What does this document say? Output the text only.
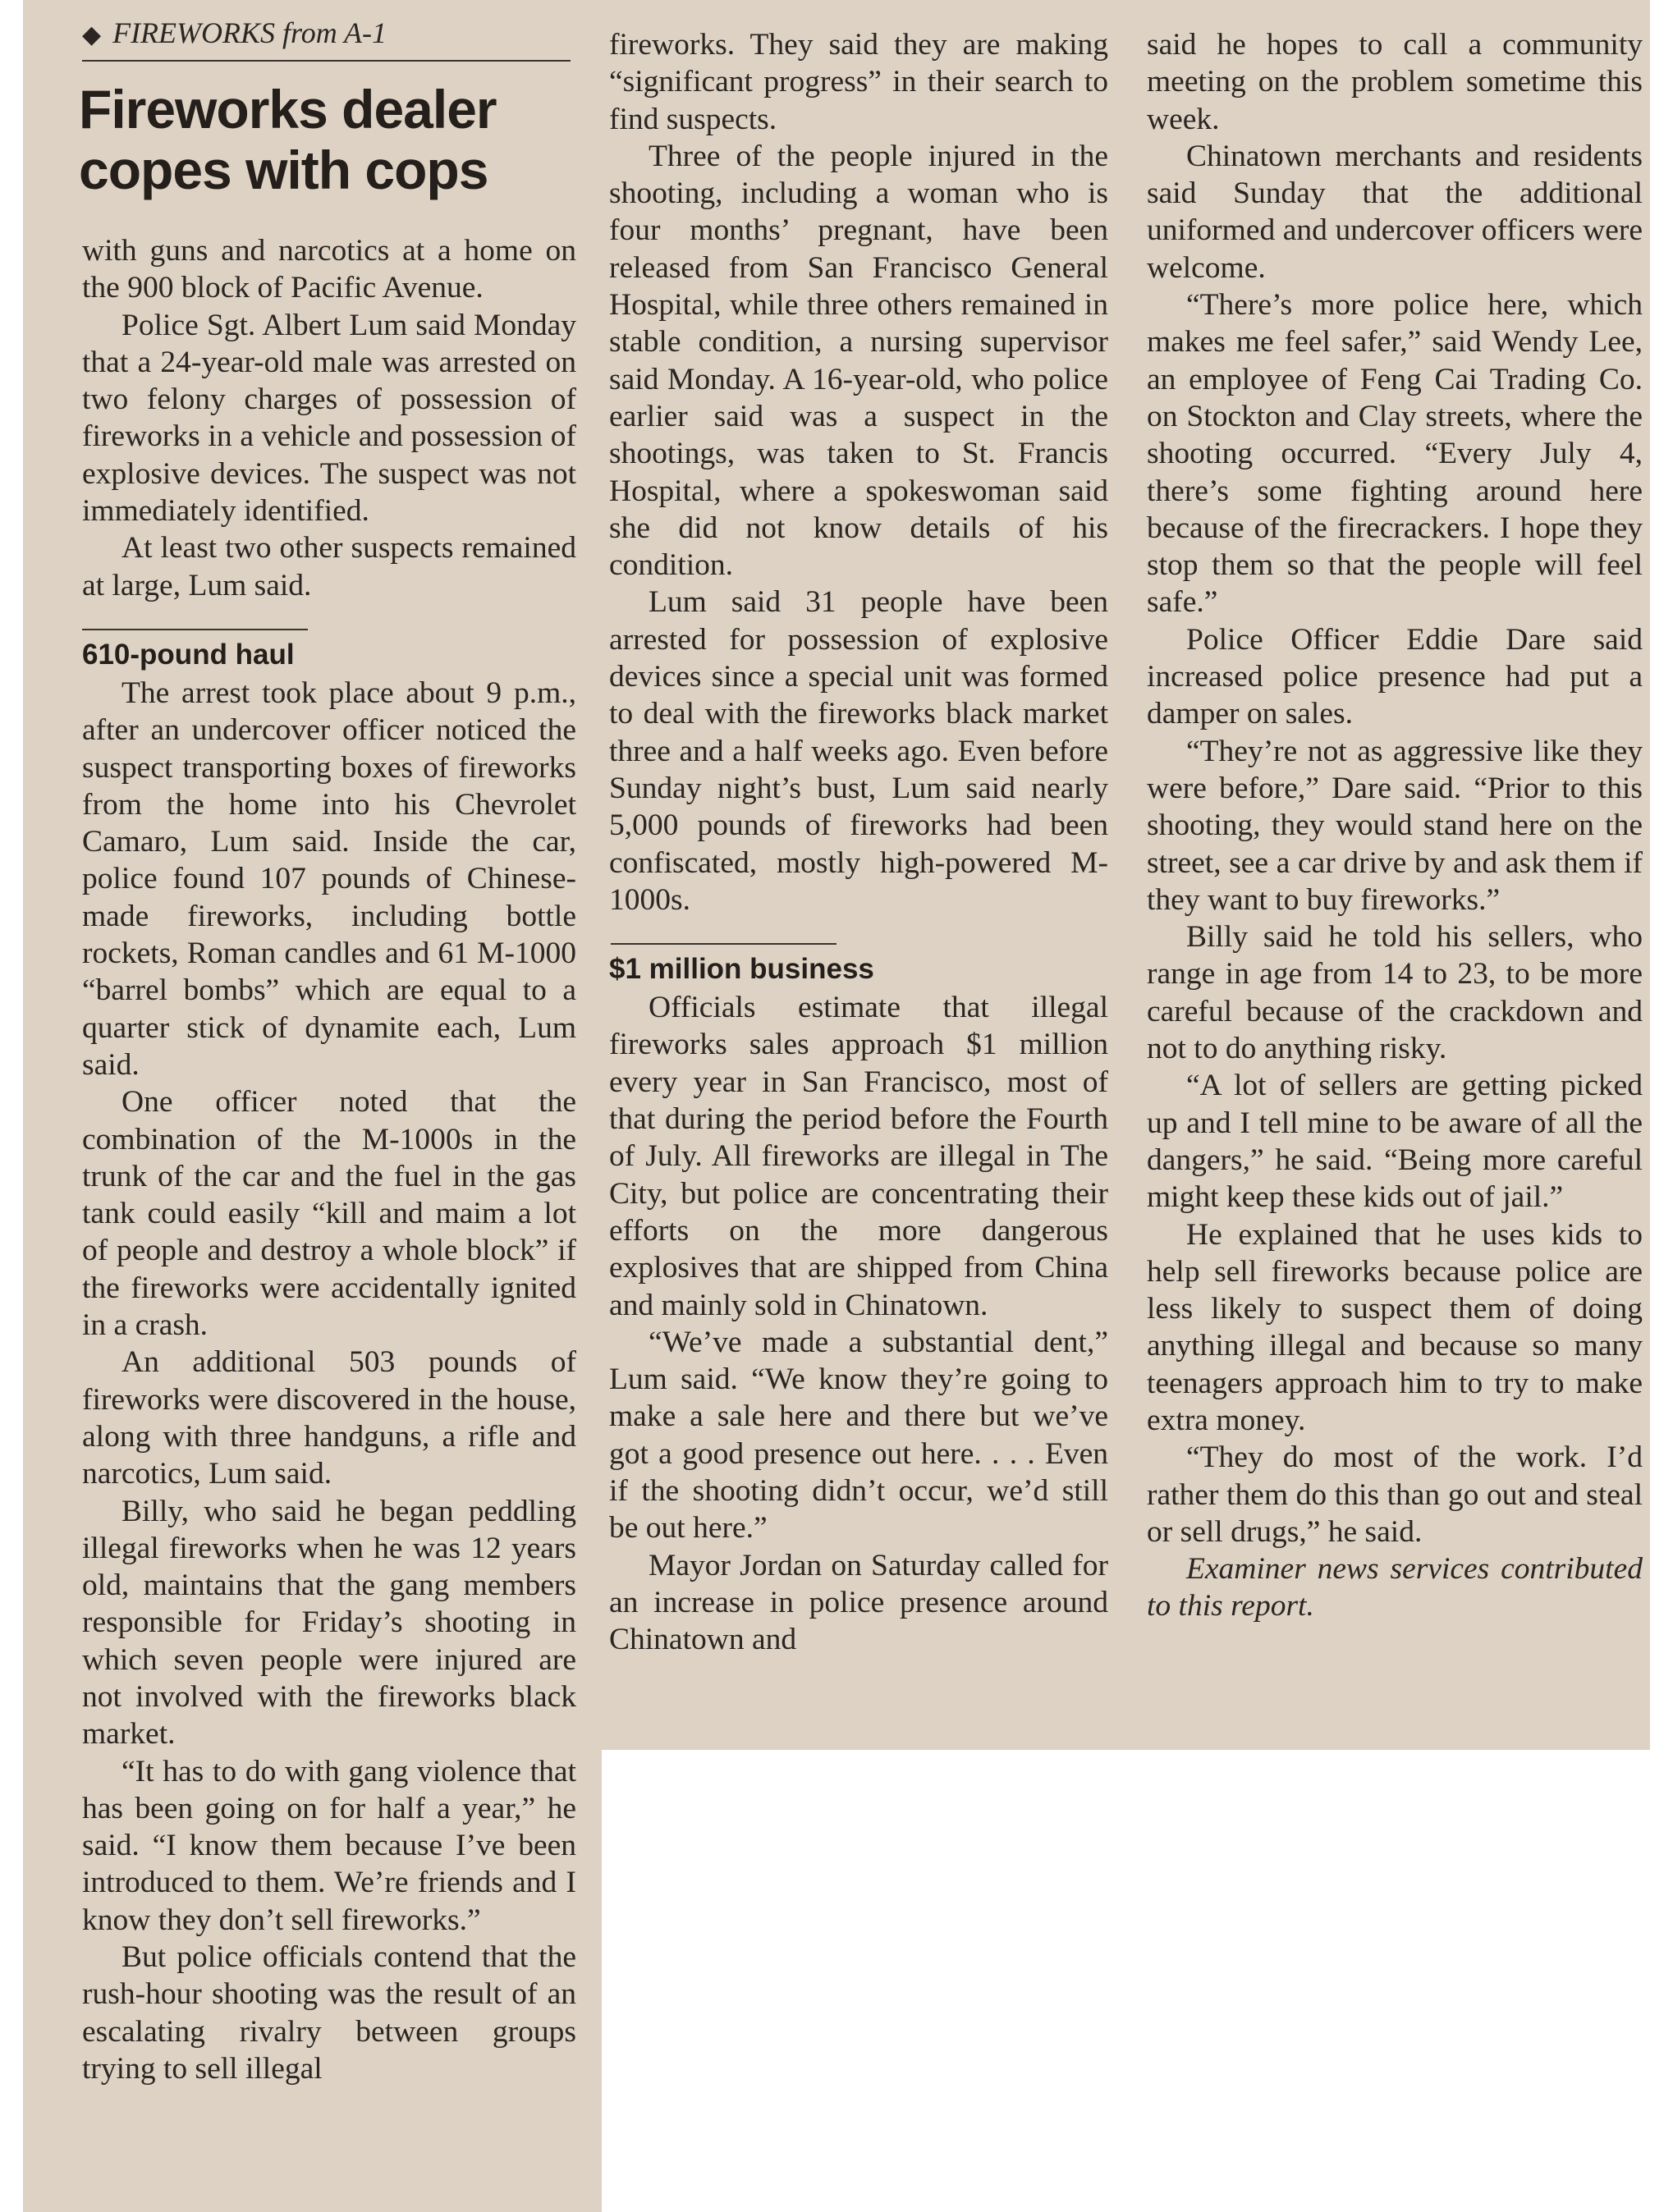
◆ FIREWORKS from A-1
Fireworks dealer copes with cops

with guns and narcotics at a home on the 900 block of Pacific Avenue.

Police Sgt. Albert Lum said Monday that a 24-year-old male was arrested on two felony charges of possession of fireworks in a vehicle and possession of explosive devices. The suspect was not immediately identified.

At least two other suspects remained at large, Lum said.

610-pound haul

The arrest took place about 9 p.m., after an undercover officer noticed the suspect transporting boxes of fireworks from the home into his Chevrolet Camaro, Lum said. Inside the car, police found 107 pounds of Chinese-made fireworks, including bottle rockets, Roman candles and 61 M-1000 “barrel bombs” which are equal to a quarter stick of dynamite each, Lum said.

One officer noted that the combination of the M-1000s in the trunk of the car and the fuel in the gas tank could easily “kill and maim a lot of people and destroy a whole block” if the fireworks were accidentally ignited in a crash.

An additional 503 pounds of fireworks were discovered in the house, along with three handguns, a rifle and narcotics, Lum said.

Billy, who said he began peddling illegal fireworks when he was 12 years old, maintains that the gang members responsible for Friday’s shooting in which seven people were injured are not involved with the fireworks black market.

“It has to do with gang violence that has been going on for half a year,” he said. “I know them because I’ve been introduced to them. We’re friends and I know they don’t sell fireworks.”

But police officials contend that the rush-hour shooting was the result of an escalating rivalry between groups trying to sell illegal

fireworks. They said they are making “significant progress” in their search to find suspects.

Three of the people injured in the shooting, including a woman who is four months’ pregnant, have been released from San Francisco General Hospital, while three others remained in stable condition, a nursing supervisor said Monday. A 16-year-old, who police earlier said was a suspect in the shootings, was taken to St. Francis Hospital, where a spokeswoman said she did not know details of his condition.

Lum said 31 people have been arrested for possession of explosive devices since a special unit was formed to deal with the fireworks black market three and a half weeks ago. Even before Sunday night’s bust, Lum said nearly 5,000 pounds of fireworks had been confiscated, mostly high-powered M-1000s.

$1 million business

Officials estimate that illegal fireworks sales approach $1 million every year in San Francisco, most of that during the period before the Fourth of July. All fireworks are illegal in The City, but police are concentrating their efforts on the more dangerous explosives that are shipped from China and mainly sold in Chinatown.

“We’ve made a substantial dent,” Lum said. “We know they’re going to make a sale here and there but we’ve got a good presence out here. . . . Even if the shooting didn’t occur, we’d still be out here.”

Mayor Jordan on Saturday called for an increase in police presence around Chinatown and

said he hopes to call a community meeting on the problem sometime this week.

Chinatown merchants and residents said Sunday that the additional uniformed and undercover officers were welcome.

“There’s more police here, which makes me feel safer,” said Wendy Lee, an employee of Feng Cai Trading Co. on Stockton and Clay streets, where the shooting occurred. “Every July 4, there’s some fighting around here because of the firecrackers. I hope they stop them so that the people will feel safe.”

Police Officer Eddie Dare said increased police presence had put a damper on sales.

“They’re not as aggressive like they were before,” Dare said. “Prior to this shooting, they would stand here on the street, see a car drive by and ask them if they want to buy fireworks.”

Billy said he told his sellers, who range in age from 14 to 23, to be more careful because of the crackdown and not to do anything risky.

“A lot of sellers are getting picked up and I tell mine to be aware of all the dangers,” he said. “Being more careful might keep these kids out of jail.”

He explained that he uses kids to help sell fireworks because police are less likely to suspect them of doing anything illegal and because so many teenagers approach him to try to make extra money.

“They do most of the work. I’d rather them do this than go out and steal or sell drugs,” he said.

Examiner news services contributed to this report.
